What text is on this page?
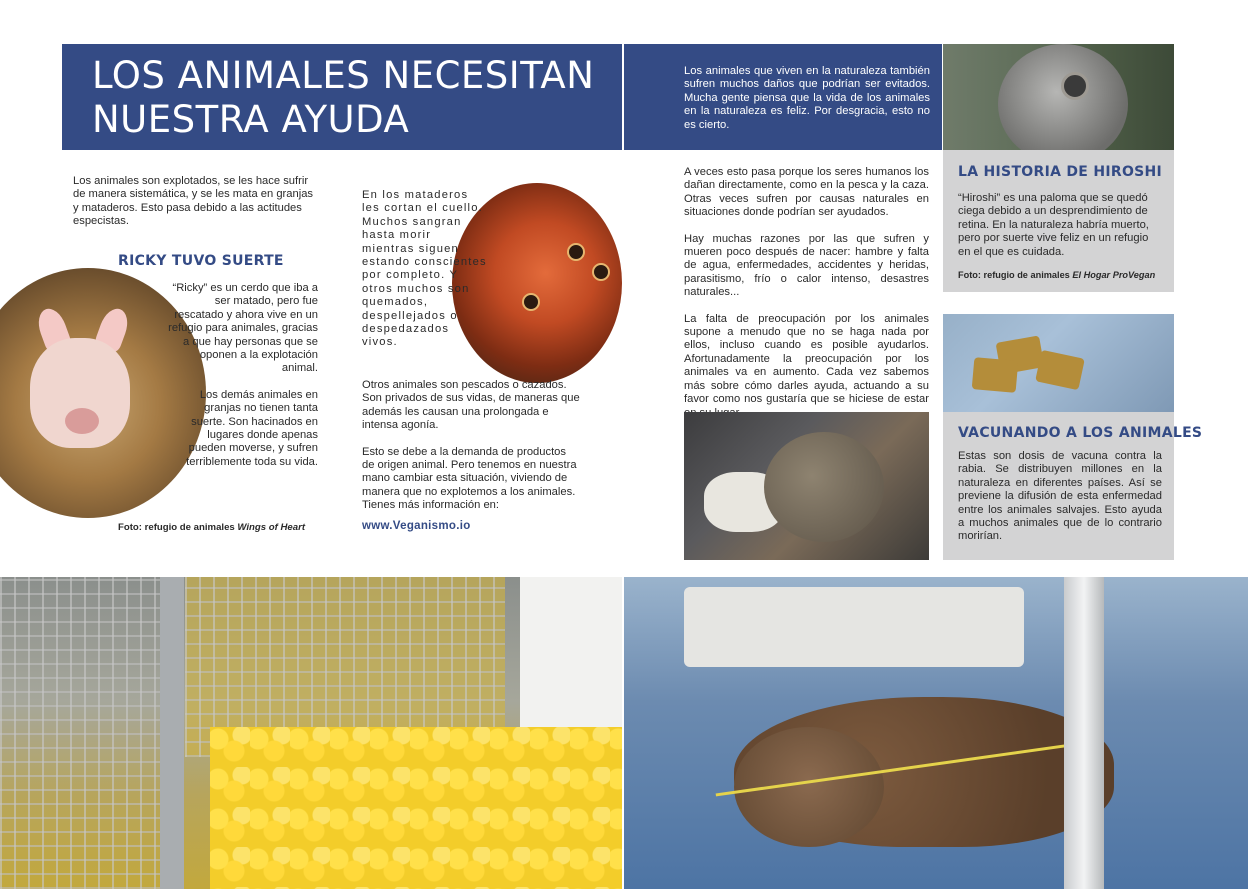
LOS ANIMALES NECESITAN
NUESTRA AYUDA

Los animales que viven en la naturaleza también sufren muchos daños que podrían ser evitados. Mucha gente piensa que la vida de los animales en la naturaleza es feliz. Por desgracia, esto no es cierto.

Los animales son explotados, se les hace sufrir de manera sistemática, y se les mata en granjas y mataderos. Esto pasa debido a las actitudes especistas.

RICKY TUVO SUERTE

“Ricky” es un cerdo que iba a ser matado, pero fue rescatado y ahora vive en un refugio para animales, gracias a que hay personas que se oponen a la explotación animal.

Los demás animales en granjas no tienen tanta suerte. Son hacinados en lugares donde apenas pueden moverse, y sufren terriblemente toda su vida.

Foto: refugio de animales Wings of Heart

En los mataderos les cortan el cuello. Muchos sangran hasta morir mientras siguen estando conscientes por completo. Y otros muchos son quemados, despellejados o despedazados vivos.

Otros animales son pescados o cazados. Son privados de sus vidas, de maneras que además les causan una prolongada e intensa agonía.

Esto se debe a la demanda de productos de origen animal. Pero tenemos en nuestra mano cambiar esta situación, viviendo de manera que no explotemos a los animales. Tienes más información en:

www.Veganismo.io

A veces esto pasa porque los seres humanos los dañan directamente, como en la pesca y la caza. Otras veces sufren por causas naturales en situaciones donde podrían ser ayudados.

Hay muchas razones por las que sufren y mueren poco después de nacer: hambre y falta de agua, enfermedades, accidentes y heridas, parasitismo, frío o calor intenso, desastres naturales...

La falta de preocupación por los animales supone a menudo que no se haga nada por ellos, incluso cuando es posible ayudarlos. Afortunadamente la preocupación por los animales va en aumento. Cada vez sabemos más sobre cómo darles ayuda, actuando a su favor como nos gustaría que se hiciese de estar

LA HISTORIA DE HIROSHI

“Hiroshi” es una paloma que se quedó ciega debido a un desprendimiento de retina. En la naturaleza habría muerto, pero por suerte vive feliz en un refugio en el que es cuidada.

Foto: refugio de animales El Hogar ProVegan
VACUNANDO A LOS ANIMALES

Estas son dosis de vacuna contra la rabia. Se distribuyen millones en la naturaleza en diferentes países. Así se previene la difusión de esta enfermedad entre los animales salvajes. Esto ayuda a muchos animales que de lo contrario morirían.
